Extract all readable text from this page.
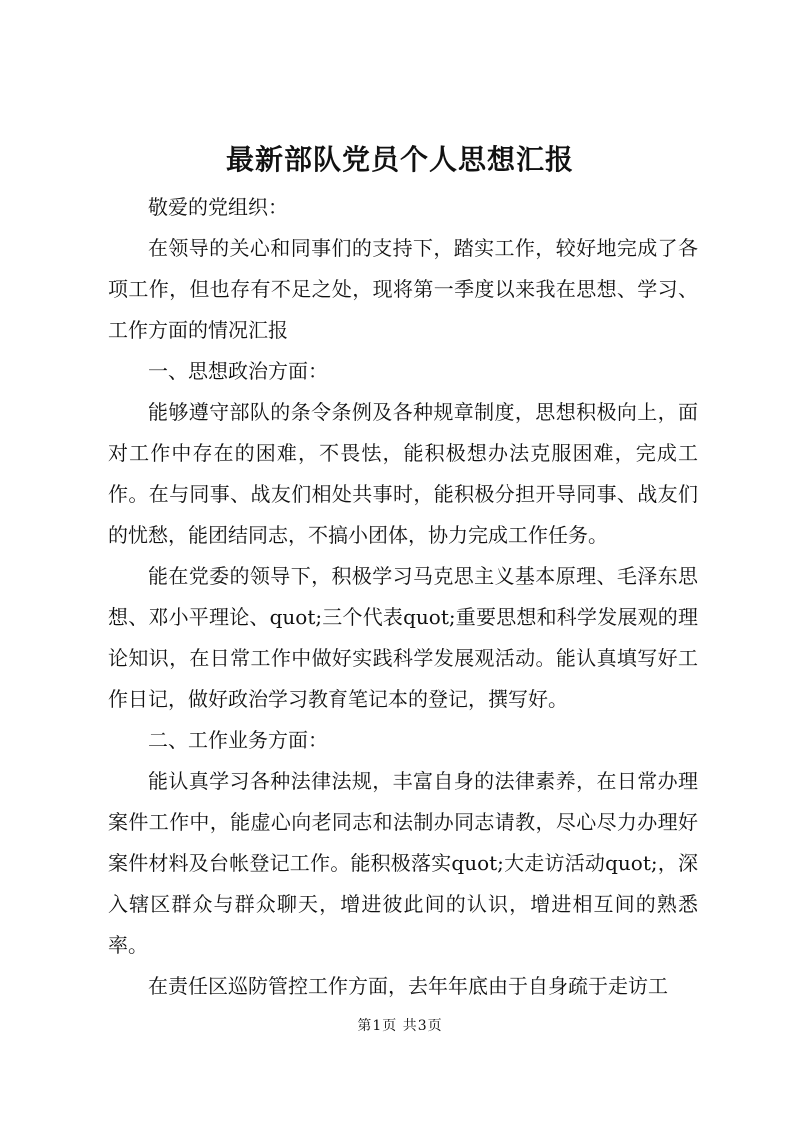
最新部队党员个人思想汇报

敬爱的党组织：

在领导的关心和同事们的支持下，踏实工作，较好地完成了各项工作，但也存有不足之处，现将第一季度以来我在思想、学习、工作方面的情况汇报

一、思想政治方面：

能够遵守部队的条令条例及各种规章制度，思想积极向上，面对工作中存在的困难，不畏怯，能积极想办法克服困难，完成工作。在与同事、战友们相处共事时，能积极分担开导同事、战友们的忧愁，能团结同志，不搞小团体，协力完成工作任务。

能在党委的领导下，积极学习马克思主义基本原理、毛泽东思想、邓小平理论、quot;三个代表quot;重要思想和科学发展观的理论知识，在日常工作中做好实践科学发展观活动。能认真填写好工作日记，做好政治学习教育笔记本的登记，撰写好。

二、工作业务方面：

能认真学习各种法律法规，丰富自身的法律素养，在日常办理案件工作中，能虚心向老同志和法制办同志请教，尽心尽力办理好案件材料及台帐登记工作。能积极落实quot;大走访活动quot;，深入辖区群众与群众聊天，增进彼此间的认识，增进相互间的熟悉率。

在责任区巡防管控工作方面，去年年底由于自身疏于走访工

第1页 共3页
